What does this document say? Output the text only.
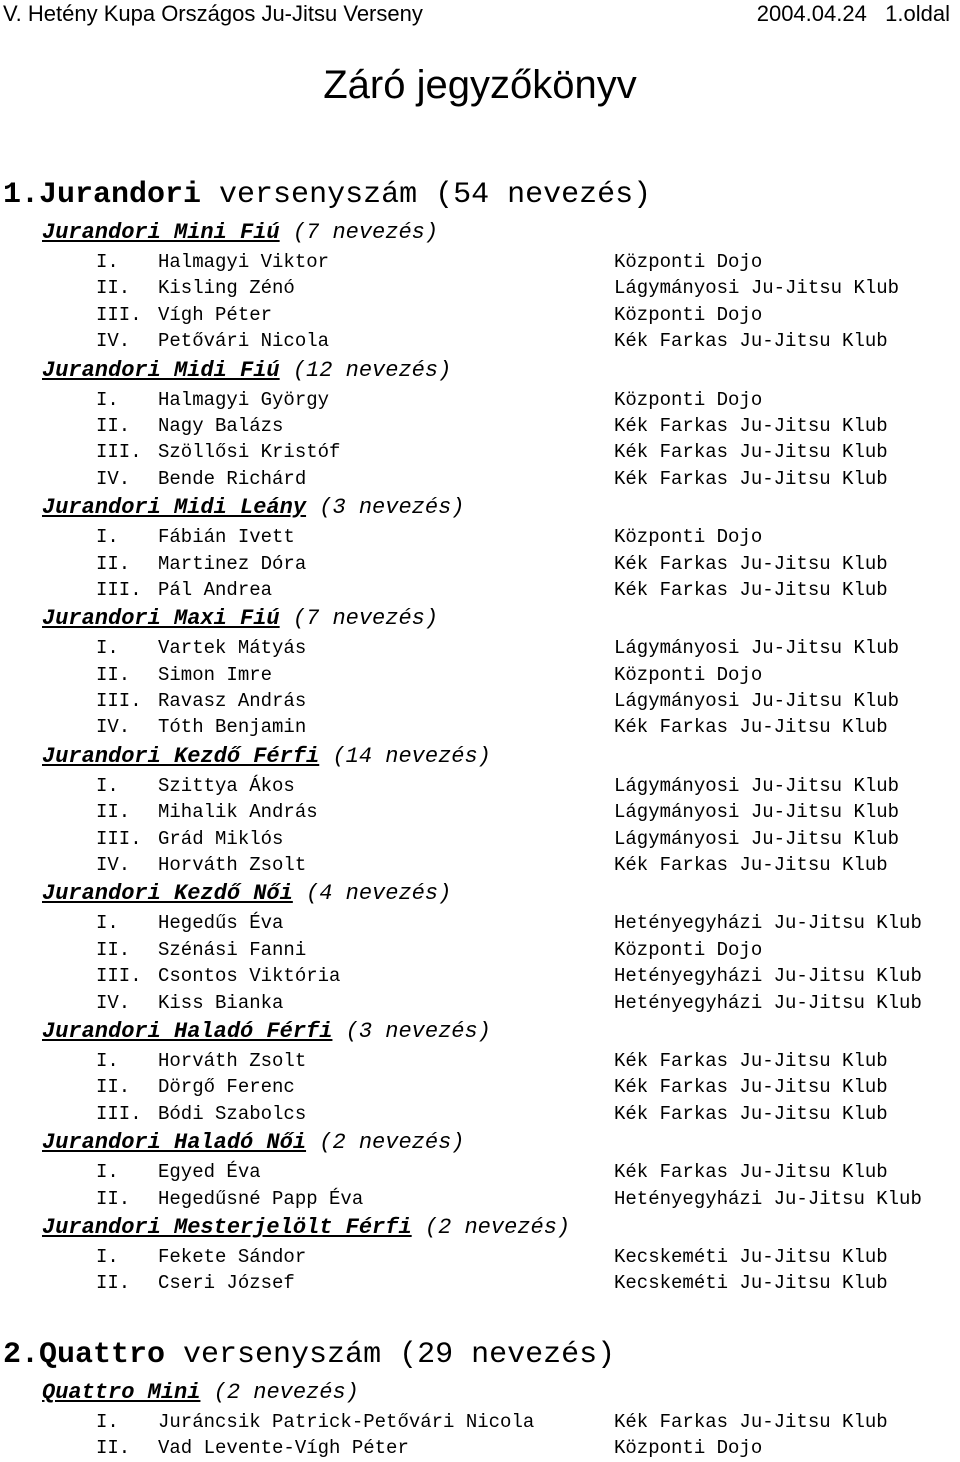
V. Hetény Kupa Országos Ju-Jitsu Verseny	2004.04.24   1.oldal
Záró jegyzőkönyv
1.Jurandori versenyszám (54 nevezés)
Jurandori Mini Fiú (7 nevezés)
I. Halmagyi Viktor	Központi Dojo
II. Kisling Zénó	Lágymányosi Ju-Jitsu Klub
III. Vígh Péter	Központi Dojo
IV. Petővári Nicola	Kék Farkas Ju-Jitsu Klub
Jurandori Midi Fiú (12 nevezés)
I. Halmagyi György	Központi Dojo
II. Nagy Balázs	Kék Farkas Ju-Jitsu Klub
III. Szöllősi Kristóf	Kék Farkas Ju-Jitsu Klub
IV. Bende Richárd	Kék Farkas Ju-Jitsu Klub
Jurandori Midi Leány (3 nevezés)
I. Fábián Ivett	Központi Dojo
II. Martinez Dóra	Kék Farkas Ju-Jitsu Klub
III. Pál Andrea	Kék Farkas Ju-Jitsu Klub
Jurandori Maxi Fiú (7 nevezés)
I. Vartek Mátyás	Lágymányosi Ju-Jitsu Klub
II. Simon Imre	Központi Dojo
III. Ravasz András	Lágymányosi Ju-Jitsu Klub
IV. Tóth Benjamin	Kék Farkas Ju-Jitsu Klub
Jurandori Kezdő Férfi (14 nevezés)
I. Szittya Ákos	Lágymányosi Ju-Jitsu Klub
II. Mihalik András	Lágymányosi Ju-Jitsu Klub
III. Grád Miklós	Lágymányosi Ju-Jitsu Klub
IV. Horváth Zsolt	Kék Farkas Ju-Jitsu Klub
Jurandori Kezdő Női (4 nevezés)
I. Hegedűs Éva	Hetényegyházi Ju-Jitsu Klub
II. Szénási Fanni	Központi Dojo
III. Csontos Viktória	Hetényegyházi Ju-Jitsu Klub
IV. Kiss Bianka	Hetényegyházi Ju-Jitsu Klub
Jurandori Haladó Férfi (3 nevezés)
I. Horváth Zsolt	Kék Farkas Ju-Jitsu Klub
II. Dörgő Ferenc	Kék Farkas Ju-Jitsu Klub
III. Bódi Szabolcs	Kék Farkas Ju-Jitsu Klub
Jurandori Haladó Női (2 nevezés)
I. Egyed Éva	Kék Farkas Ju-Jitsu Klub
II. Hegedűsné Papp Éva	Hetényegyházi Ju-Jitsu Klub
Jurandori Mesterjelölt Férfi (2 nevezés)
I. Fekete Sándor	Kecskeméti Ju-Jitsu Klub
II. Cseri József	Kecskeméti Ju-Jitsu Klub
2.Quattro versenyszám (29 nevezés)
Quattro Mini (2 nevezés)
I. Juráncsik Patrick-Petővári Nicola	Kék Farkas Ju-Jitsu Klub
II. Vad Levente-Vígh Péter	Központi Dojo
